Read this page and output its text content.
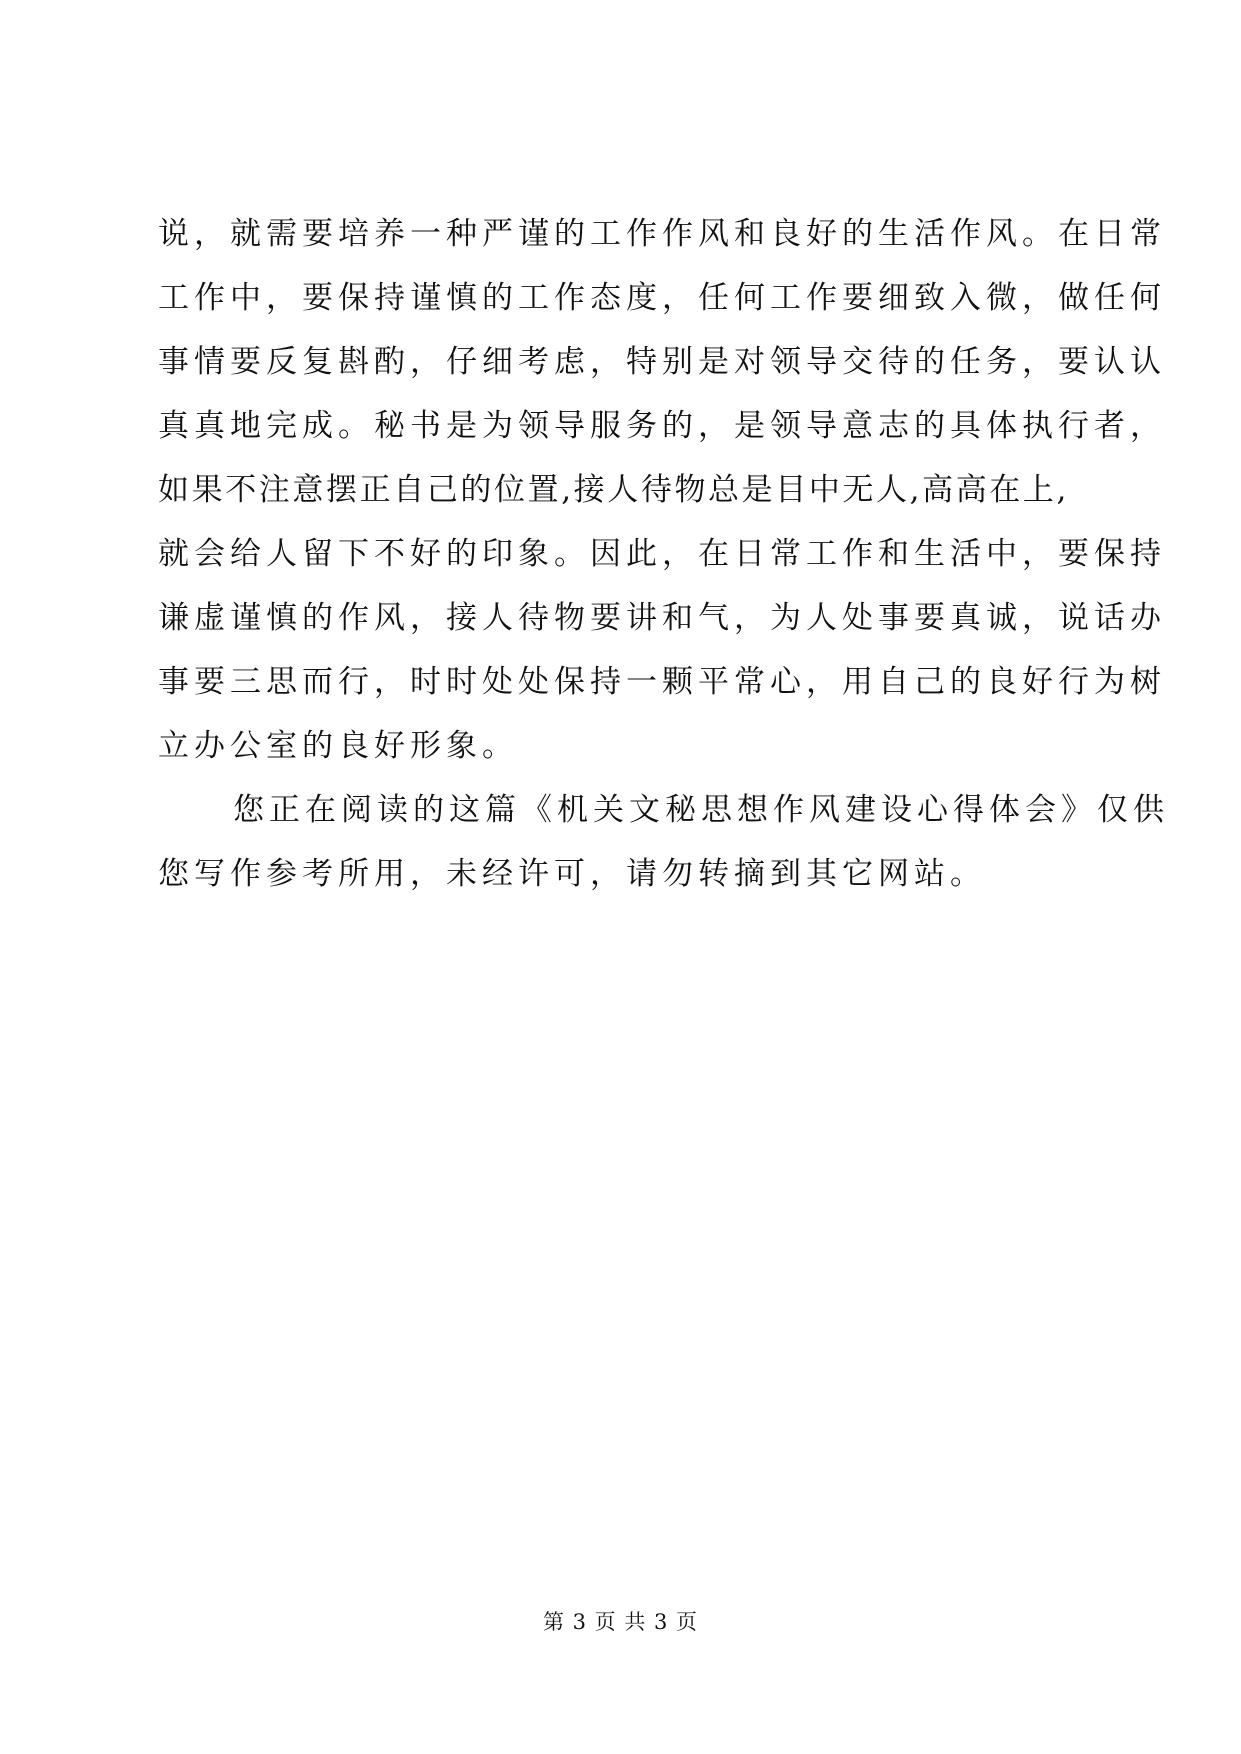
说，就需要培养一种严谨的工作作风和良好的生活作风。在日常
工作中，要保持谨慎的工作态度，任何工作要细致入微，做任何
事情要反复斟酌，仔细考虑，特别是对领导交待的任务，要认认
真真地完成。秘书是为领导服务的，是领导意志的具体执行者，
如果不注意摆正自己的位置,接人待物总是目中无人,高高在上,
就会给人留下不好的印象。因此，在日常工作和生活中，要保持
谦虚谨慎的作风，接人待物要讲和气，为人处事要真诚，说话办
事要三思而行，时时处处保持一颗平常心，用自己的良好行为树
立办公室的良好形象。
您正在阅读的这篇《机关文秘思想作风建设心得体会》仅供
您写作参考所用，未经许可，请勿转摘到其它网站。
第 3 页 共 3 页
